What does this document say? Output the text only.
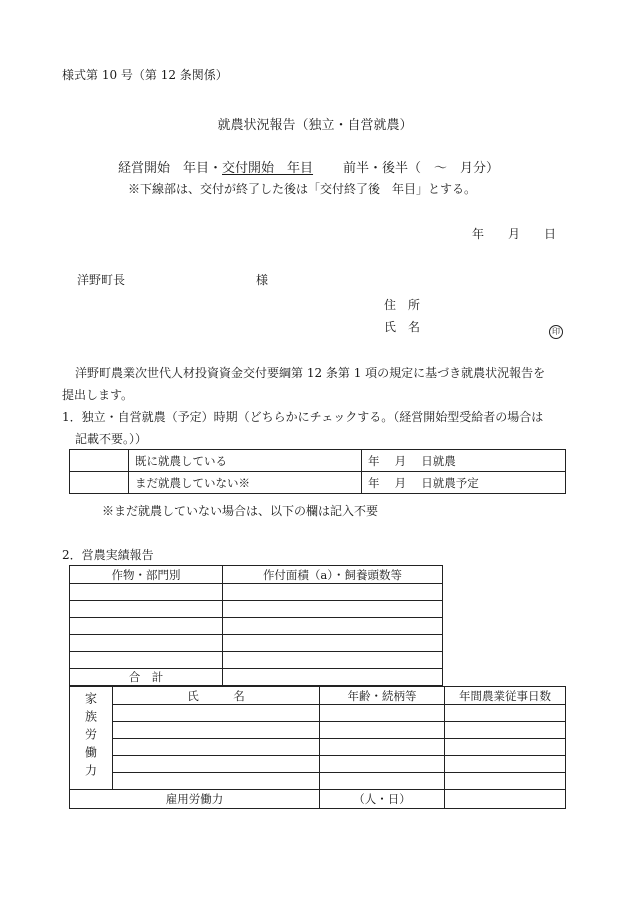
様式第 10 号（第 12 条関係）
就農状況報告（独立・自営就農）
経営開始　年目・交付開始　年目 前半・後半（　～　月分）
※下線部は、交付が終了した後は「交付終了後　年目」とする。
年　　月　　日
洋野町長	様
住　所
氏　名	印
洋野町農業次世代人材投資資金交付要綱第 12 条第 1 項の規定に基づき就農状況報告を
提出します。
1．独立・自営就農（予定）時期（どちらかにチェックする。（経営開始型受給者の場合は
記載不要。））
	既に就農している	年　 月 　日就農
	まだ就農していない※	年　 月 　日就農予定
※まだ就農していない場合は、以下の欄は記入不要
2．営農実績報告
作物・部門別	作付面積（a）・飼養頭数等

合　計	
家族労働力	氏　　　名	年齢・続柄等	年間農業従事日数

雇用労働力		（人・日）	
